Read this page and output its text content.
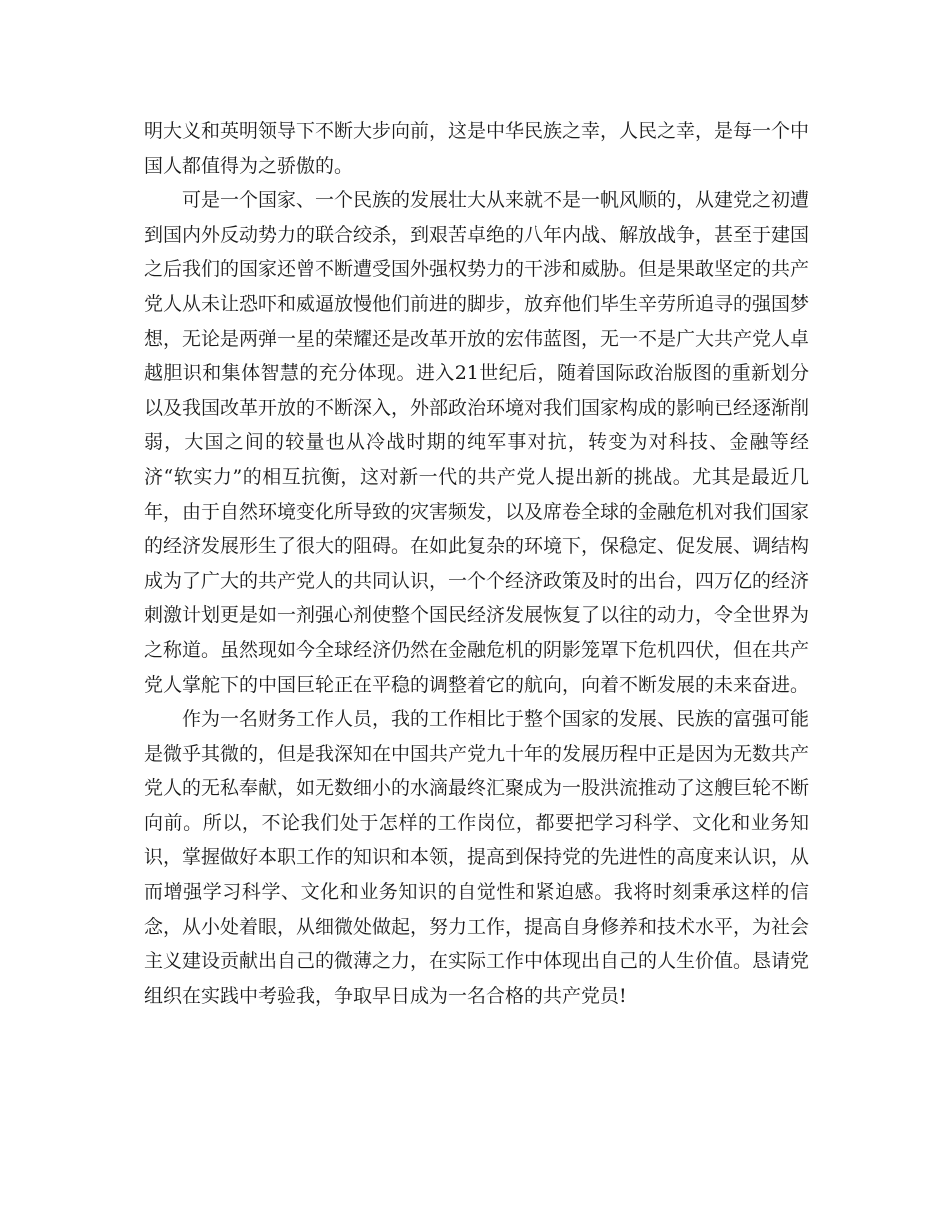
明大义和英明领导下不断大步向前，这是中华民族之幸，人民之幸，是每一个中国人都值得为之骄傲的。

可是一个国家、一个民族的发展壮大从来就不是一帆风顺的，从建党之初遭到国内外反动势力的联合绞杀，到艰苦卓绝的八年内战、解放战争，甚至于建国之后我们的国家还曾不断遭受国外强权势力的干涉和威胁。但是果敢坚定的共产党人从未让恐吓和威逼放慢他们前进的脚步，放弃他们毕生辛劳所追寻的强国梦想，无论是两弹一星的荣耀还是改革开放的宏伟蓝图，无一不是广大共产党人卓越胆识和集体智慧的充分体现。进入21世纪后，随着国际政治版图的重新划分以及我国改革开放的不断深入，外部政治环境对我们国家构成的影响已经逐渐削弱，大国之间的较量也从冷战时期的纯军事对抗，转变为对科技、金融等经济“软实力”的相互抗衡，这对新一代的共产党人提出新的挑战。尤其是最近几年，由于自然环境变化所导致的灾害频发，以及席卷全球的金融危机对我们国家的经济发展形生了很大的阻碍。在如此复杂的环境下，保稳定、促发展、调结构成为了广大的共产党人的共同认识，一个个经济政策及时的出台，四万亿的经济刺激计划更是如一剂强心剂使整个国民经济发展恢复了以往的动力，令全世界为之称道。虽然现如今全球经济仍然在金融危机的阴影笼罩下危机四伏，但在共产党人掌舵下的中国巨轮正在平稳的调整着它的航向，向着不断发展的未来奋进。

作为一名财务工作人员，我的工作相比于整个国家的发展、民族的富强可能是微乎其微的，但是我深知在中国共产党九十年的发展历程中正是因为无数共产党人的无私奉献，如无数细小的水滴最终汇聚成为一股洪流推动了这艘巨轮不断向前。所以，不论我们处于怎样的工作岗位，都要把学习科学、文化和业务知识，掌握做好本职工作的知识和本领，提高到保持党的先进性的高度来认识，从而增强学习科学、文化和业务知识的自觉性和紧迫感。我将时刻秉承这样的信念，从小处着眼，从细微处做起，努力工作，提高自身修养和技术水平，为社会主义建设贡献出自己的微薄之力，在实际工作中体现出自己的人生价值。恳请党组织在实践中考验我，争取早日成为一名合格的共产党员!
